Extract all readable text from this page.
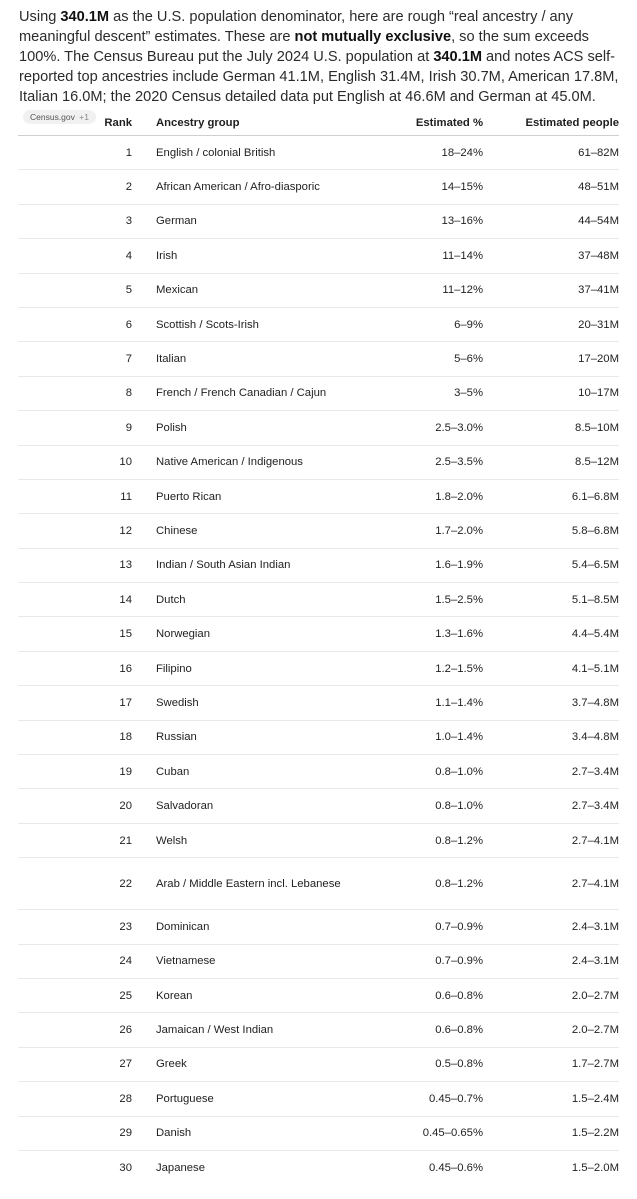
Using 340.1M as the U.S. population denominator, here are rough “real ancestry / any meaningful descent” estimates. These are not mutually exclusive, so the sum exceeds 100%. The Census Bureau put the July 2024 U.S. population at 340.1M and notes ACS self-reported top ancestries include German 41.1M, English 31.4M, Irish 30.7M, American 17.8M, Italian 16.0M; the 2020 Census detailed data put English at 46.6M and German at 45.0M.Census.gov +1	Rank	Ancestry group	Estimated %	Estimated people
1	English / colonial British	18–24%	61–82M
2	African American / Afro-diasporic	14–15%	48–51M
3	German	13–16%	44–54M
4	Irish	11–14%	37–48M
5	Mexican	11–12%	37–41M
6	Scottish / Scots-Irish	6–9%	20–31M
7	Italian	5–6%	17–20M
8	French / French Canadian / Cajun	3–5%	10–17M
9	Polish	2.5–3.0%	8.5–10M
10	Native American / Indigenous	2.5–3.5%	8.5–12M
11	Puerto Rican	1.8–2.0%	6.1–6.8M
12	Chinese	1.7–2.0%	5.8–6.8M
13	Indian / South Asian Indian	1.6–1.9%	5.4–6.5M
14	Dutch	1.5–2.5%	5.1–8.5M
15	Norwegian	1.3–1.6%	4.4–5.4M
16	Filipino	1.2–1.5%	4.1–5.1M
17	Swedish	1.1–1.4%	3.7–4.8M
18	Russian	1.0–1.4%	3.4–4.8M
19	Cuban	0.8–1.0%	2.7–3.4M
20	Salvadoran	0.8–1.0%	2.7–3.4M
21	Welsh	0.8–1.2%	2.7–4.1M
22	Arab / Middle Eastern incl. Lebanese	0.8–1.2%	2.7–4.1M
23	Dominican	0.7–0.9%	2.4–3.1M
24	Vietnamese	0.7–0.9%	2.4–3.1M
25	Korean	0.6–0.8%	2.0–2.7M
26	Jamaican / West Indian	0.6–0.8%	2.0–2.7M
27	Greek	0.5–0.8%	1.7–2.7M
28	Portuguese	0.45–0.7%	1.5–2.4M
29	Danish	0.45–0.65%	1.5–2.2M
30	Japanese	0.45–0.6%	1.5–2.0M
